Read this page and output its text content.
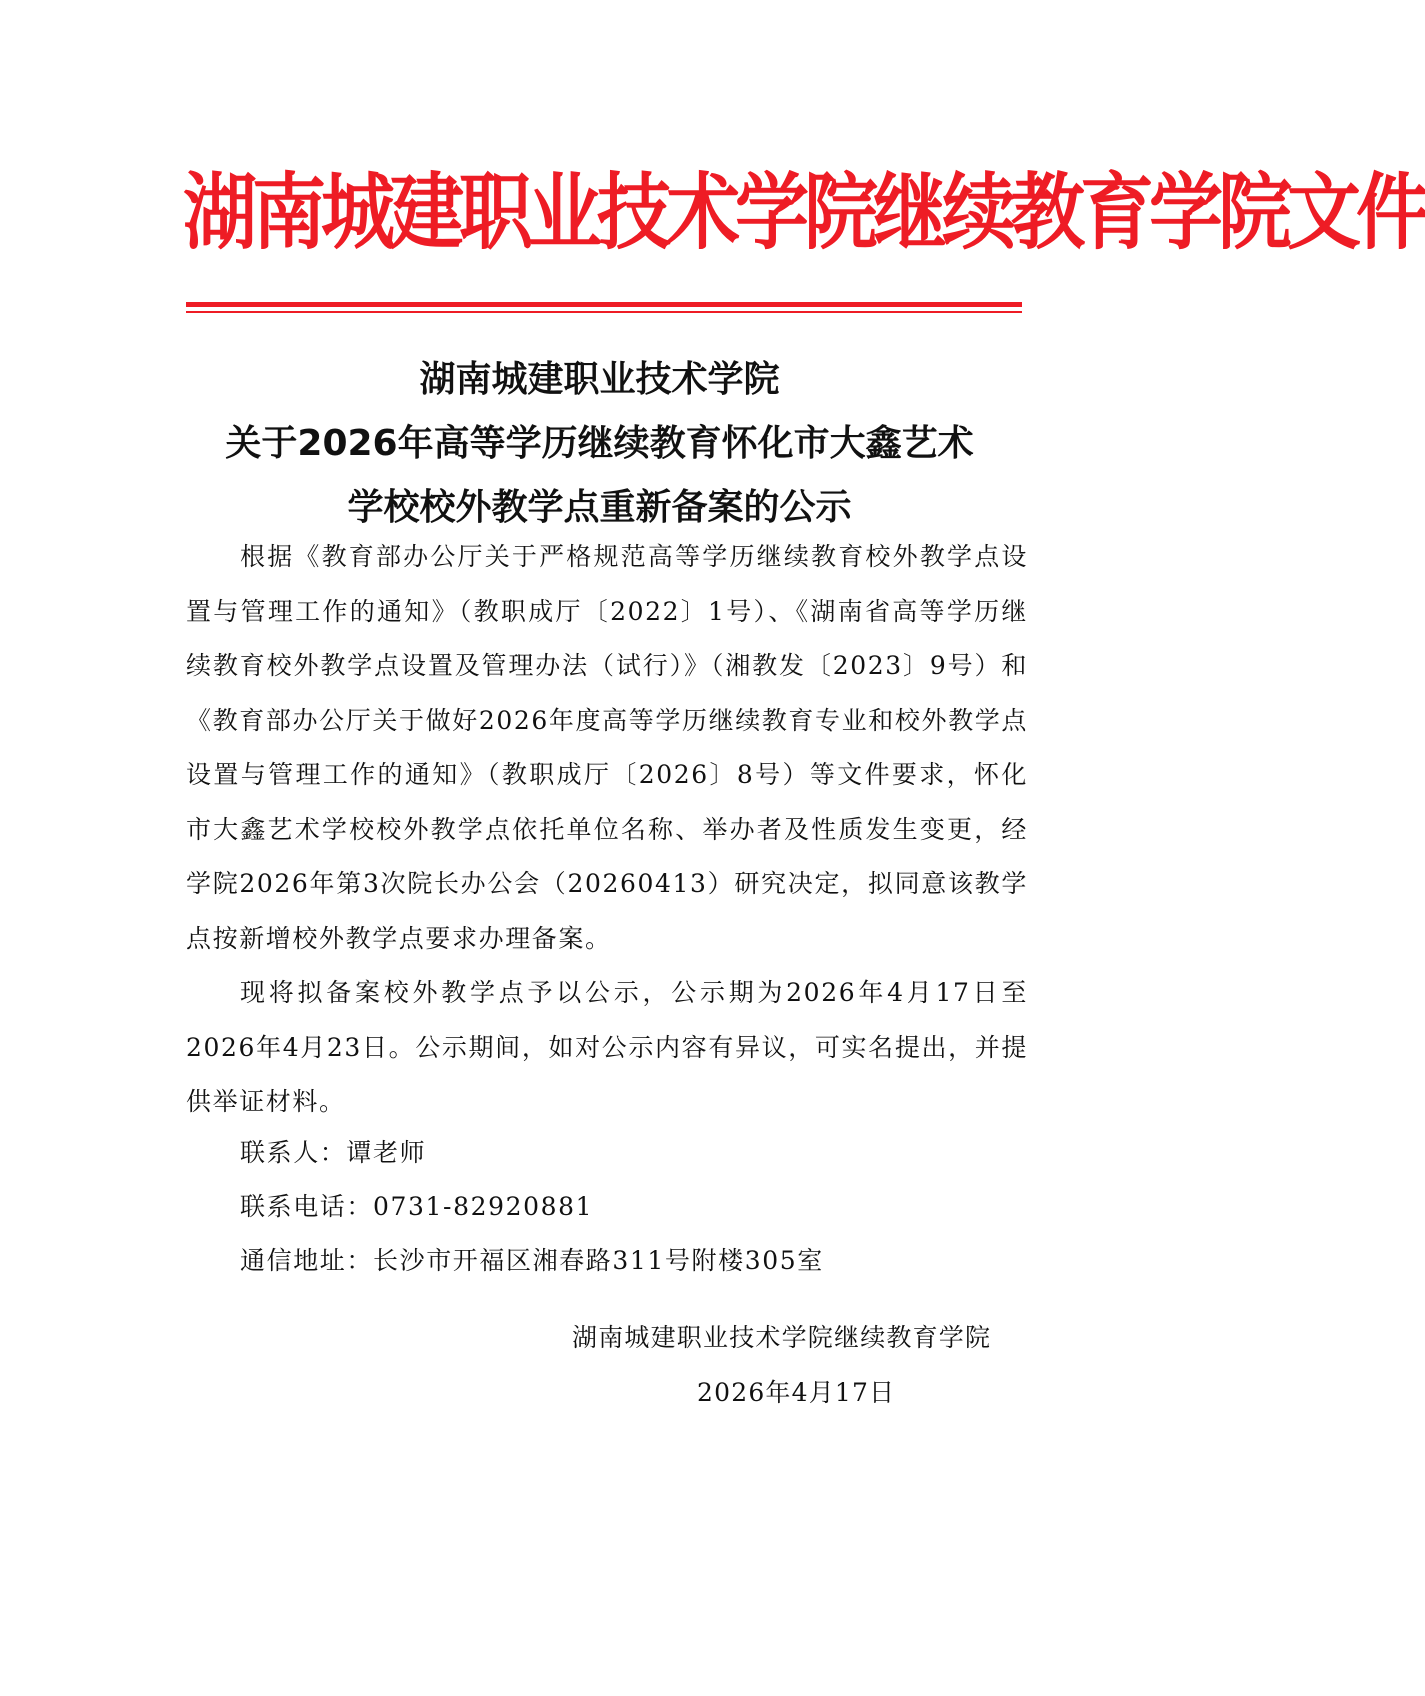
湖南城建职业技术学院继续教育学院文件
湖南城建职业技术学院
关于2026年高等学历继续教育怀化市大鑫艺术
学校校外教学点重新备案的公示
根据《教育部办公厅关于严格规范高等学历继续教育校外教学点设置与管理工作的通知》（教职成厅〔2022〕1号）、《湖南省高等学历继续教育校外教学点设置及管理办法（试行）》（湘教发〔2023〕9号）和《教育部办公厅关于做好2026年度高等学历继续教育专业和校外教学点设置与管理工作的通知》（教职成厅〔2026〕8号）等文件要求，怀化市大鑫艺术学校校外教学点依托单位名称、举办者及性质发生变更，经学院2026年第3次院长办公会（20260413）研究决定，拟同意该教学点按新增校外教学点要求办理备案。
现将拟备案校外教学点予以公示，公示期为2026年4月17日至2026年4月23日。公示期间，如对公示内容有异议，可实名提出，并提供举证材料。
联系人：谭老师
联系电话：0731-82920881
通信地址：长沙市开福区湘春路311号附楼305室
湖南城建职业技术学院继续教育学院
2026年4月17日
